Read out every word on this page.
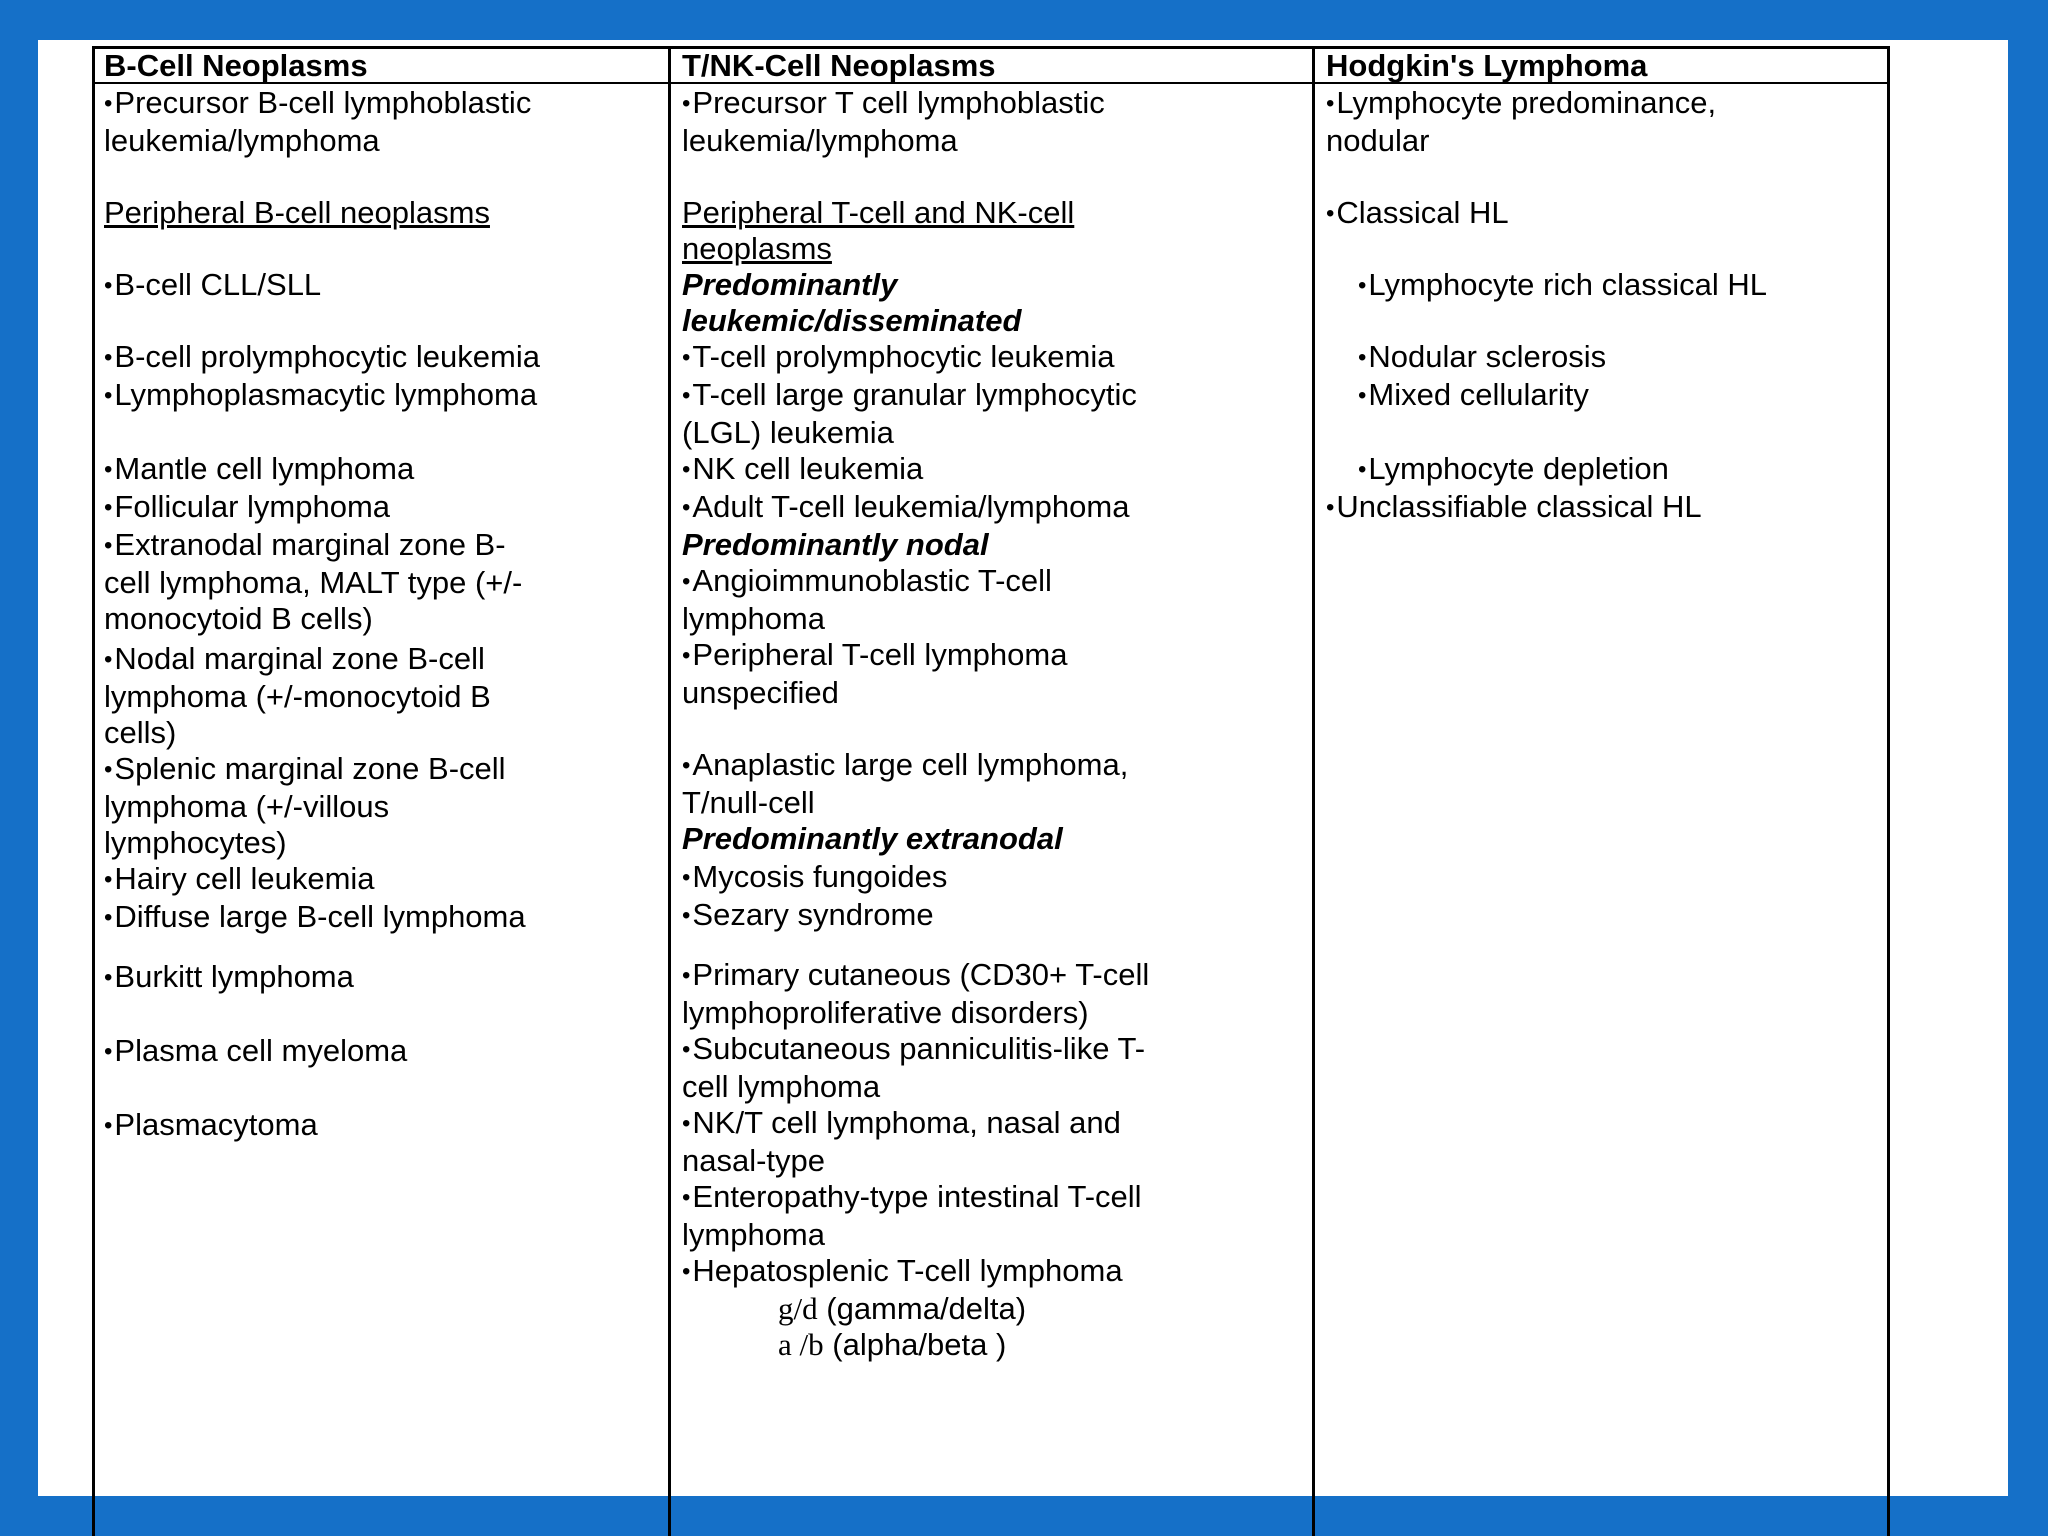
B-Cell Neoplasms	T/NK-Cell Neoplasms	Hodgkin's Lymphoma
• Precursor B-cell lymphoblastic
leukemia/lymphoma
Peripheral B-cell neoplasms
• B-cell CLL/SLL
• B-cell prolymphocytic leukemia
• Lymphoplasmacytic lymphoma
• Mantle cell lymphoma
• Follicular lymphoma
• Extranodal marginal zone B-
cell lymphoma, MALT type (+/-
monocytoid B cells)
• Nodal marginal zone B-cell
lymphoma (+/-monocytoid B
cells)
• Splenic marginal zone B-cell
lymphoma (+/-villous
lymphocytes)
• Hairy cell leukemia
• Diffuse large B-cell lymphoma
• Burkitt lymphoma
• Plasma cell myeloma
• Plasmacytoma
• Precursor T cell lymphoblastic
leukemia/lymphoma
Peripheral T-cell and NK-cell
neoplasms
Predominantly
leukemic/disseminated
• T-cell prolymphocytic leukemia
• T-cell large granular lymphocytic
(LGL) leukemia
• NK cell leukemia
• Adult T-cell leukemia/lymphoma
Predominantly nodal
• Angioimmunoblastic T-cell
lymphoma
• Peripheral T-cell lymphoma
unspecified
• Anaplastic large cell lymphoma,
T/null-cell
Predominantly extranodal
• Mycosis fungoides
• Sezary syndrome
• Primary cutaneous (CD30+ T-cell
lymphoproliferative disorders)
• Subcutaneous panniculitis-like T-
cell lymphoma
• NK/T cell lymphoma, nasal and
nasal-type
• Enteropathy-type intestinal T-cell
lymphoma
• Hepatosplenic T-cell lymphoma
g/d (gamma/delta)
a /b (alpha/beta )
• Lymphocyte predominance,
nodular
• Classical HL
• Lymphocyte rich classical HL
• Nodular sclerosis
• Mixed cellularity
• Lymphocyte depletion
• Unclassifiable classical HL
